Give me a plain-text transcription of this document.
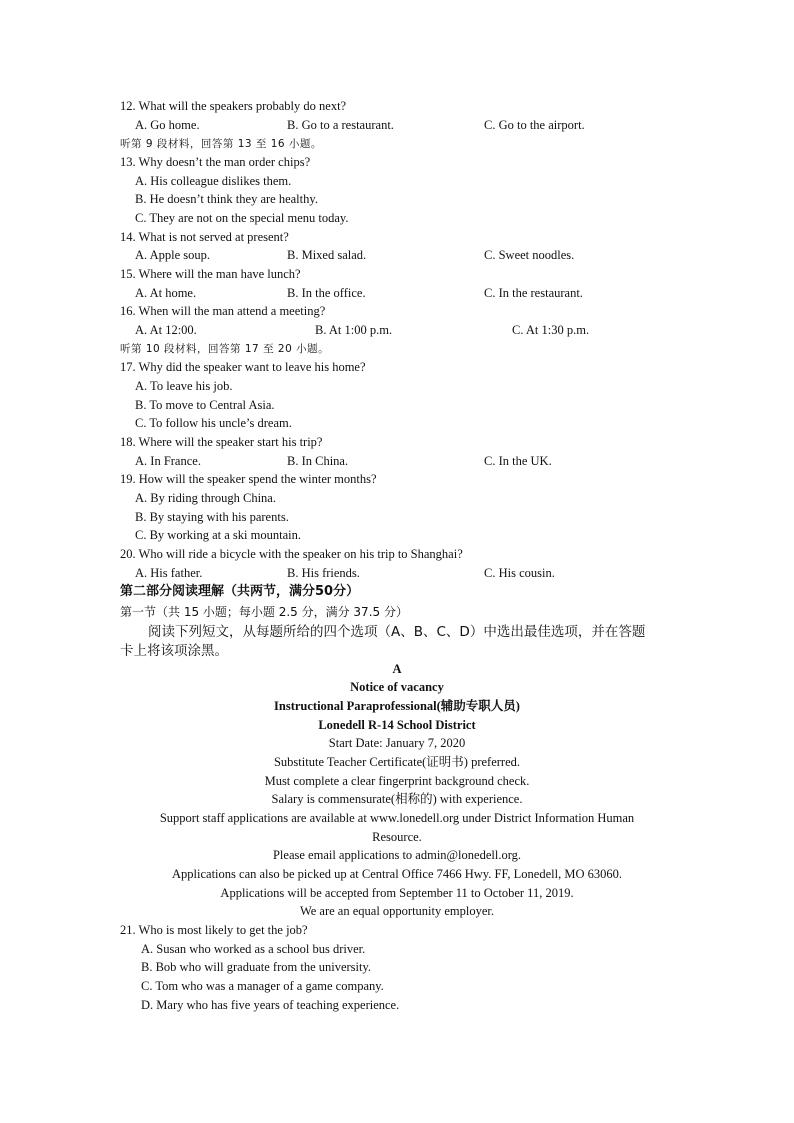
12. What will the speakers probably do next?
A. Go home.	B. Go to a restaurant.	C. Go to the airport.
听第 9 段材料，回答第 13 至 16 小题。
13. Why doesn’t the man order chips?
A. His colleague dislikes them.
B. He doesn’t think they are healthy.
C. They are not on the special menu today.
14. What is not served at present?
A. Apple soup.	B. Mixed salad.	C. Sweet noodles.
15. Where will the man have lunch?
A. At home.	B. In the office.	C. In the restaurant.
16. When will the man attend a meeting?
A. At 12:00.	B. At 1:00 p.m.	C. At 1:30 p.m.
听第 10 段材料，回答第 17 至 20 小题。
17. Why did the speaker want to leave his home?
A. To leave his job.
B. To move to Central Asia.
C. To follow his uncle’s dream.
18. Where will the speaker start his trip?
A. In France.	B. In China.	C. In the UK.
19. How will the speaker spend the winter months?
A. By riding through China.
B. By staying with his parents.
C. By working at a ski mountain.
20. Who will ride a bicycle with the speaker on his trip to Shanghai?
A. His father.	B. His friends.	C. His cousin.
第二部分阅读理解（共两节，满分50分）
第一节（共 15 小题；每小题 2.5 分，满分 37.5 分）
阅读下列短文，从每题所给的四个选项（A、B、C、D）中选出最佳选项，并在答题
卡上将该项涂黑。
A
Notice of vacancy
Instructional Paraprofessional(辅助专职人员)
Lonedell R-14 School District
Start Date: January 7, 2020
Substitute Teacher Certificate(证明书) preferred.
Must complete a clear fingerprint background check.
Salary is commensurate(相称的) with experience.
Support staff applications are available at www.lonedell.org under District Information Human
Resource.
Please email applications to admin@lonedell.org.
Applications can also be picked up at Central Office 7466 Hwy. FF, Lonedell, MO 63060.
Applications will be accepted from September 11 to October 11, 2019.
We are an equal opportunity employer.
21. Who is most likely to get the job?
A. Susan who worked as a school bus driver.
B. Bob who will graduate from the university.
C. Tom who was a manager of a game company.
D. Mary who has five years of teaching experience.
